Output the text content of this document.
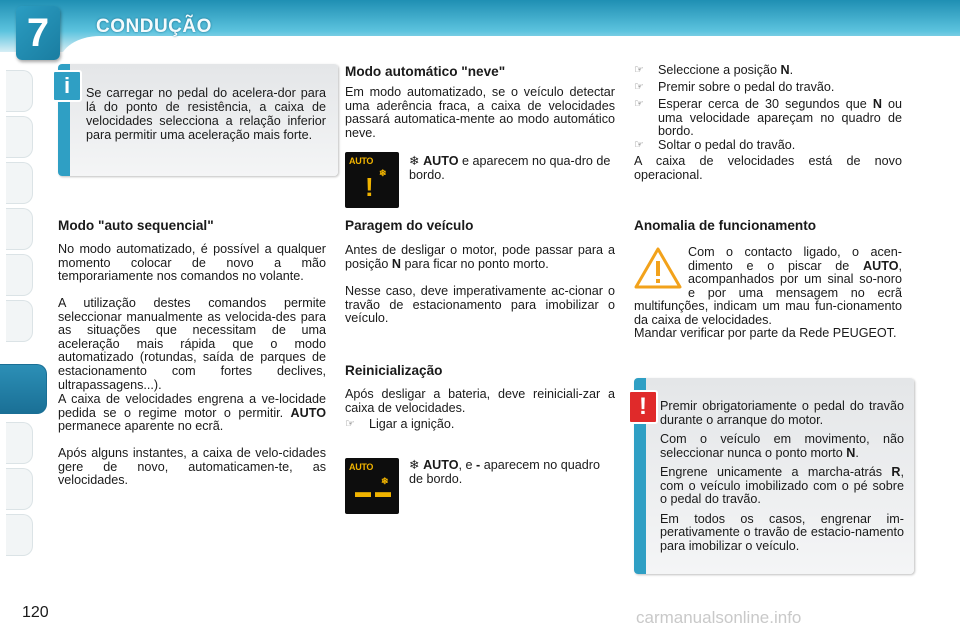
7	CONDUÇÃO

Se carregar no pedal do acelera-dor para lá do ponto de resistência, a caixa de velocidades selecciona a relação inferior para permitir uma aceleração mais forte.

i
Modo "auto sequencial"

No modo automatizado, é possível a qualquer momento colocar de novo a mão temporariamente nos comandos no volante.

A utilização destes comandos permite seleccionar manualmente as velocida-des para as situações que necessitam de uma aceleração mais rápida que o modo automatizado (rotundas, saída de parques de estacionamento com fortes declives, ultrapassagens...).

A caixa de velocidades engrena a ve-locidade pedida se o regime motor o permitir. AUTO permanece aparente no ecrã.

Após alguns instantes, a caixa de velo-cidades gere de novo, automaticamen-te, as velocidades.

Modo automático "neve"

Em modo automatizado, se o veículo detectar uma aderência fraca, a caixa de velocidades passará automatica-mente ao modo automático neve.

AUTO
! ❄

❄ AUTO e aparecem no qua-dro de bordo.

Paragem do veículo

Antes de desligar o motor, pode passar para a posição N para ficar no ponto morto.

Nesse caso, deve imperativamente ac-cionar o travão de estacionamento para imobilizar o veículo.

Reinicialização

Após desligar a bateria, deve reiniciali-zar a caixa de velocidades.

☞	Ligar a ignição.
AUTO
▬▬
❄

❄ AUTO, e - aparecem no quadro de bordo.

☞	Seleccione a posição N.
☞	Premir sobre o pedal do travão.
☞	Esperar cerca de 30 segundos que N ou uma velocidade apareçam no quadro de bordo.
☞	Soltar o pedal do travão.

A caixa de velocidades está de novo operacional.

Anomalia de funcionamento
Com o contacto ligado, o acen-dimento e o piscar de AUTO, acompanhados por um sinal so-noro e por uma mensagem no ecrã multifunções, indicam um mau fun-cionamento da caixa de velocidades.

Mandar verificar por parte da Rede PEUGEOT.

Premir obrigatoriamente o pedal do travão durante o arranque do motor.

Com o veículo em movimento, não seleccionar nunca o ponto morto N.

Engrene unicamente a marcha-atrás R, com o veículo imobilizado com o pé sobre o pedal do travão.

Em todos os casos, engrenar im-perativamente o travão de estacio-namento para imobilizar o veículo.

!
120	carmanualsonline.info
